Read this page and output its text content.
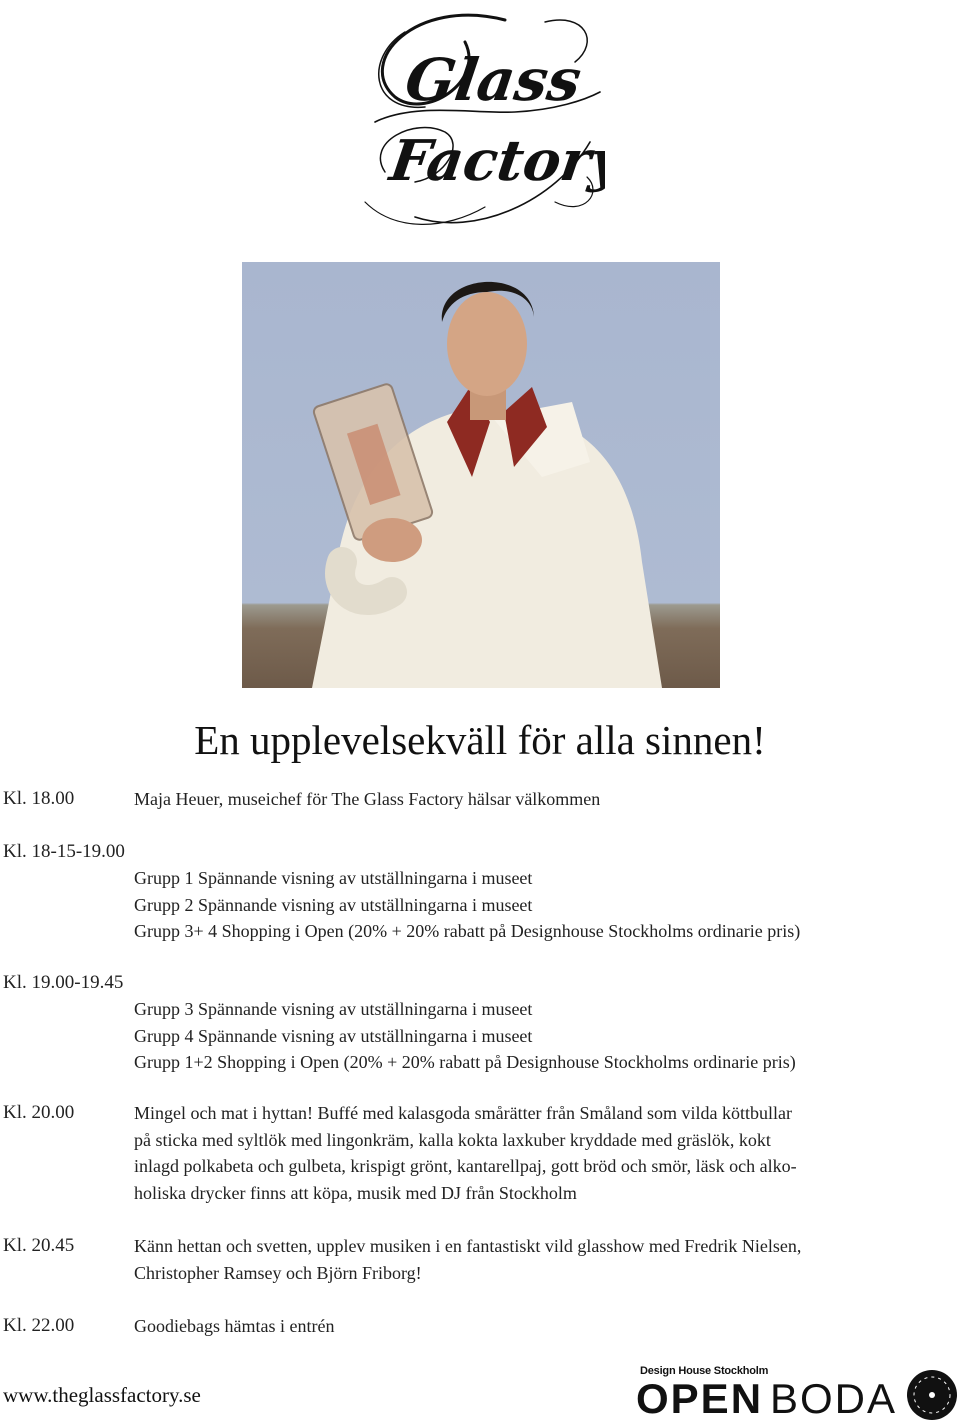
Glass
Factory
En upplevelsekväll för alla sinnen!
Kl. 18.00	Maja Heuer, museichef för The Glass Factory hälsar välkommen
Kl. 18-15-19.00
Grupp 1 Spännande visning av utställningarna i museet
Grupp 2 Spännande visning av utställningarna i museet
Grupp 3+ 4 Shopping i Open (20% + 20% rabatt på Designhouse Stockholms ordinarie pris)
Kl. 19.00-19.45
Grupp 3 Spännande visning av utställningarna i museet
Grupp 4 Spännande visning av utställningarna i museet
Grupp 1+2 Shopping i Open (20% + 20% rabatt på Designhouse Stockholms ordinarie pris)
Kl. 20.00	Mingel och mat i hyttan! Buffé med kalasgoda smårätter från Småland som vilda köttbullar
på sticka med syltlök med lingonkräm, kalla kokta laxkuber kryddade med gräslök, kokt
inlagd polkabeta och gulbeta, krispigt grönt, kantarellpaj, gott bröd och smör, läsk och alko-
holiska drycker finns att köpa, musik med DJ från Stockholm
Kl. 20.45	Känn hettan och svetten, upplev musiken i en fantastiskt vild glasshow med Fredrik Nielsen,
Christopher Ramsey och Björn Friborg!
Kl. 22.00	Goodiebags hämtas i entrén
www.theglassfactory.se
Design House Stockholm
OPEN BODA
